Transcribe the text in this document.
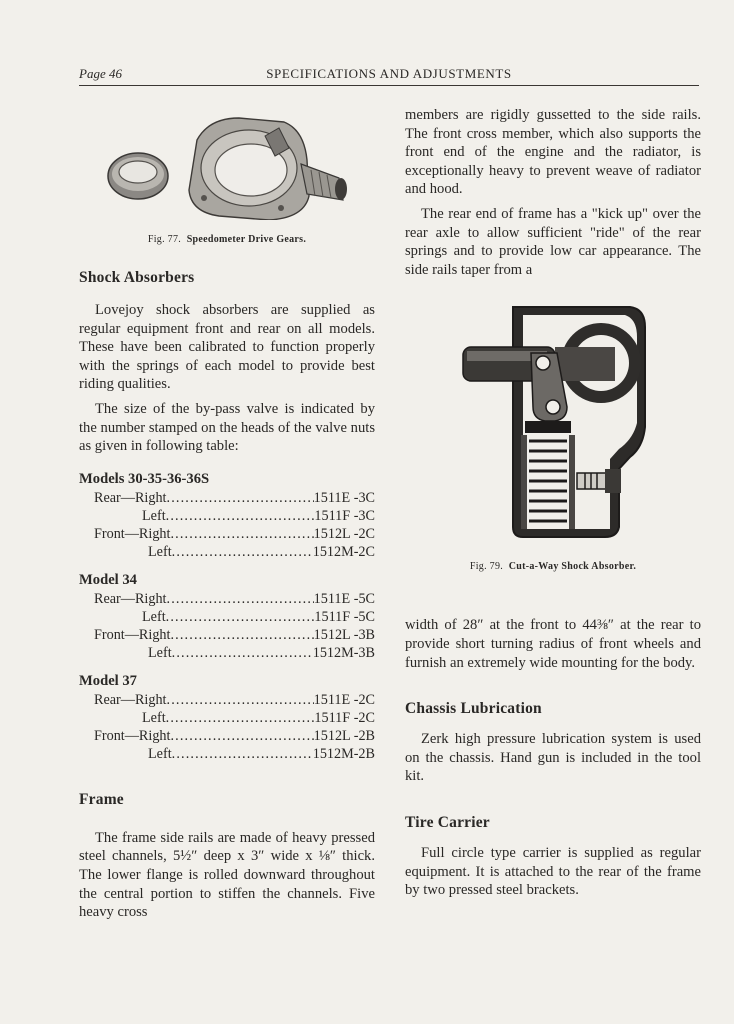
Page 46	SPECIFICATIONS AND ADJUSTMENTS
Fig. 77. Speedometer Drive Gears.
Shock Absorbers

Lovejoy shock absorbers are supplied as regular equipment front and rear on all models. These have been calibrated to function properly with the springs of each model to provide best riding qualities.

The size of the by-pass valve is indicated by the number stamped on the heads of the valve nuts as given in following table:

Models 30-35-36-36S
Rear—Right . . .	1511E -3C
Left . . .	1511F -3C
Front—Right . . .	1512L -2C
Left . . .	1512M-2C
Model 34
Rear—Right . . .	1511E -5C
Left . . .	1511F -5C
Front—Right . . .	1512L -3B
Left . . .	1512M-3B
Model 37
Rear—Right . . .	1511E -2C
Left . . .	1511F -2C
Front—Right . . .	1512L -2B
Left . . .	1512M-2B
Frame

The frame side rails are made of heavy pressed steel channels, 5½″ deep x 3″ wide x ⅛″ thick. The lower flange is rolled downward throughout the central portion to stiffen the channels. Five heavy cross

members are rigidly gussetted to the side rails. The front cross member, which also supports the front end of the engine and the radiator, is exceptionally heavy to prevent weave of radiator and hood.

The rear end of frame has a "kick up" over the rear axle to allow sufficient "ride" of the rear springs and to provide low car appearance. The side rails taper from a

Fig. 79. Cut-a-Way Shock Absorber.

width of 28″ at the front to 44⅜″ at the rear to provide short turning radius of front wheels and furnish an extremely wide mounting for the body.

Chassis Lubrication

Zerk high pressure lubrication system is used on the chassis. Hand gun is included in the tool kit.

Tire Carrier

Full circle type carrier is supplied as regular equipment. It is attached to the rear of the frame by two pressed steel brackets.
